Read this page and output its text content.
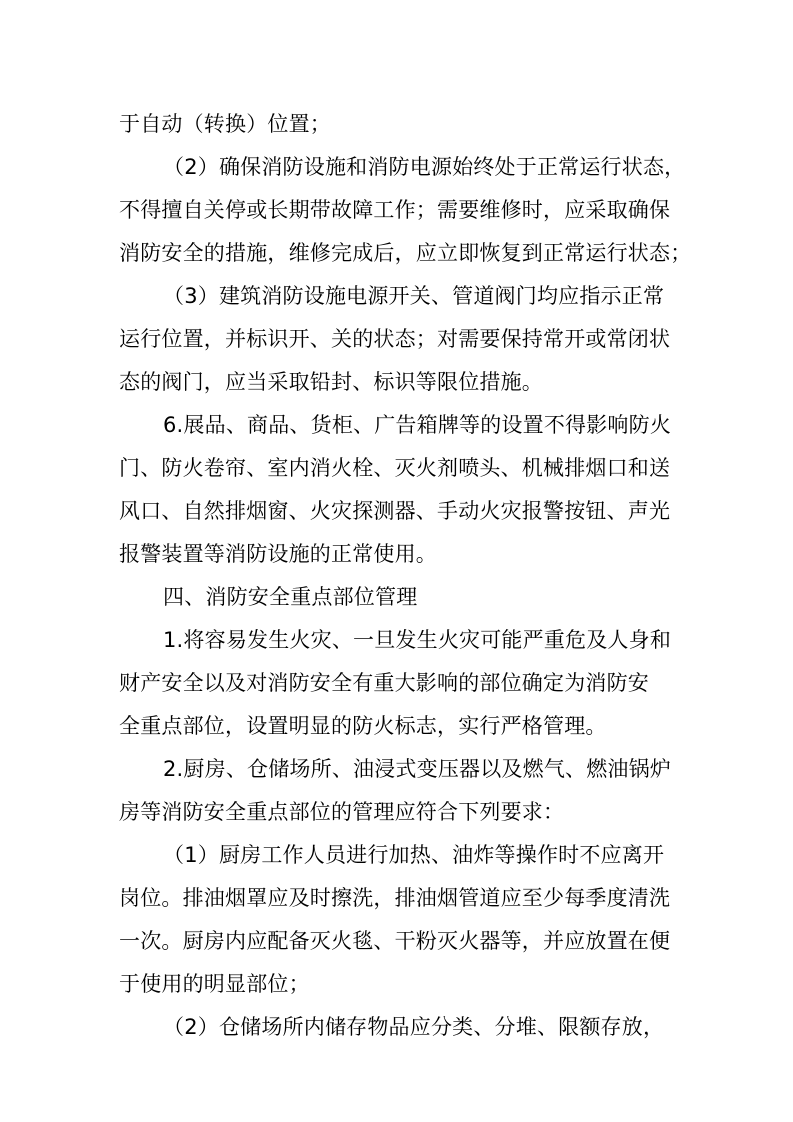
于自动（转换）位置；
（2）确保消防设施和消防电源始终处于正常运行状态，
不得擅自关停或长期带故障工作；需要维修时，应采取确保
消防安全的措施，维修完成后，应立即恢复到正常运行状态；
（3）建筑消防设施电源开关、管道阀门均应指示正常
运行位置，并标识开、关的状态；对需要保持常开或常闭状
态的阀门，应当采取铅封、标识等限位措施。
6.展品、商品、货柜、广告箱牌等的设置不得影响防火
门、防火卷帘、室内消火栓、灭火剂喷头、机械排烟口和送
风口、自然排烟窗、火灾探测器、手动火灾报警按钮、声光
报警装置等消防设施的正常使用。
四、消防安全重点部位管理
1.将容易发生火灾、一旦发生火灾可能严重危及人身和
财产安全以及对消防安全有重大影响的部位确定为消防安
全重点部位，设置明显的防火标志，实行严格管理。
2.厨房、仓储场所、油浸式变压器以及燃气、燃油锅炉
房等消防安全重点部位的管理应符合下列要求：
（1）厨房工作人员进行加热、油炸等操作时不应离开
岗位。排油烟罩应及时擦洗，排油烟管道应至少每季度清洗
一次。厨房内应配备灭火毯、干粉灭火器等，并应放置在便
于使用的明显部位；
（2）仓储场所内储存物品应分类、分堆、限额存放，
